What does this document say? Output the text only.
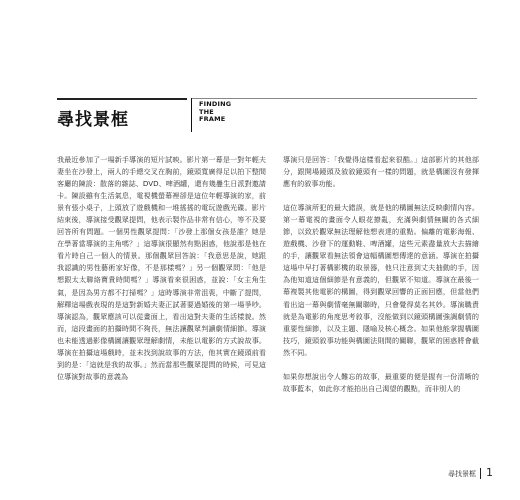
尋找景框
FINDING
THE
FRAME

我最近參加了一場新手導演的短片試映。影片第一幕是一對年輕夫妻坐在沙發上，兩人的手總交叉在胸前，鏡頭寬廣得足以拍下整間客廳的陳設：散落的雜誌、DVD、啤酒罐，還有幾疊生日派對邀請卡。陳設雖有生活氣息，電視機螢幕裡卻是這位年輕導演的家，前景有張小桌子，上頭放了遊戲機和一堆搖搖的電玩遊戲光碟。影片結束後，導演接受觀眾提問，他表示製作品非常有信心，等不及要回答所有問題。一個男性觀眾提問：「沙發上那個女孩是誰？她是在學著當導演的主角嗎？」這導演很顯然有點困惑，他說那是他在看片時自己一個人的情景。那個觀眾回答說：「我意思是說，她跟我認識的男性藝術家好像，不是那樣嗎？」另一個觀眾問：「他是想跟太太聯絡寶貴時間嗎？」導演看來很困惑，並說：「女主角生氣，是因為男方都不打掃嗎？」這時導演非常沮喪，中斷了提問，解釋這場戲表現的是這對新婚夫妻正試著要過婚後的第一場爭吵。導演認為，觀眾應該可以從畫面上，看出這對夫妻的生活樣貌。然而，這段畫面的拍攝時間不夠長，無法讓觀眾判讀劇情細節。導演也未能透過影像構圖讓觀眾理解劇情，未能以電影的方式說故事。導演在拍攝這場戲時，並未找到說故事的方法，他其實在鏡頭前看到的是：「這就是我的故事。」然而當那些觀眾提問的時候，可見這位導演對故事的意義為

導演只是回答：「我覺得這樣看起來很酷。」這部影片的其他部分，跟開場鏡頭及敘敘鏡頭有一樣的問題，就是構圖沒有發揮應有的敘事功能。

這位導演所犯的最大錯誤，就是他的構圖無法反映劇情內容。第一幕電視的畫面令人眼花撩亂，充滿與劇情無關的各式細節，以致於觀眾無法理解他想表達的重點。偏離的電影海報、遊戲機、沙發下的運動鞋、啤酒罐，這些元素盡量放大去描繪的手，讓觀眾看無法領會這幅構圖想傳達的意涵。導演在拍攝這場中早打著構影機的取景器，他只注意到丈夫抽動的手，因為他知道這個細節是有意義的，但觀眾不知道。導演在最後一幕複製其他電影的構圖，得到觀眾回響的正面回應，但當他們看出這一幕與劇情毫無關聯時，只會覺得莫名其妙。導演職責就是為電影的角度思考敘事，沒能做到以鏡頭構圖強調劇情的重要性細節，以及主題、隱喻及核心概念。如果他能掌握構圖技巧，鏡頭敘事功能與構圖法則間的關聯，觀眾的困惑將會截然不同。

如果你想說出令人難忘的故事，最重要的便是握有一份清晰的故事藍本，如此你才能拍出自己渴望的觀點，而非別人的

尋找景框 1
